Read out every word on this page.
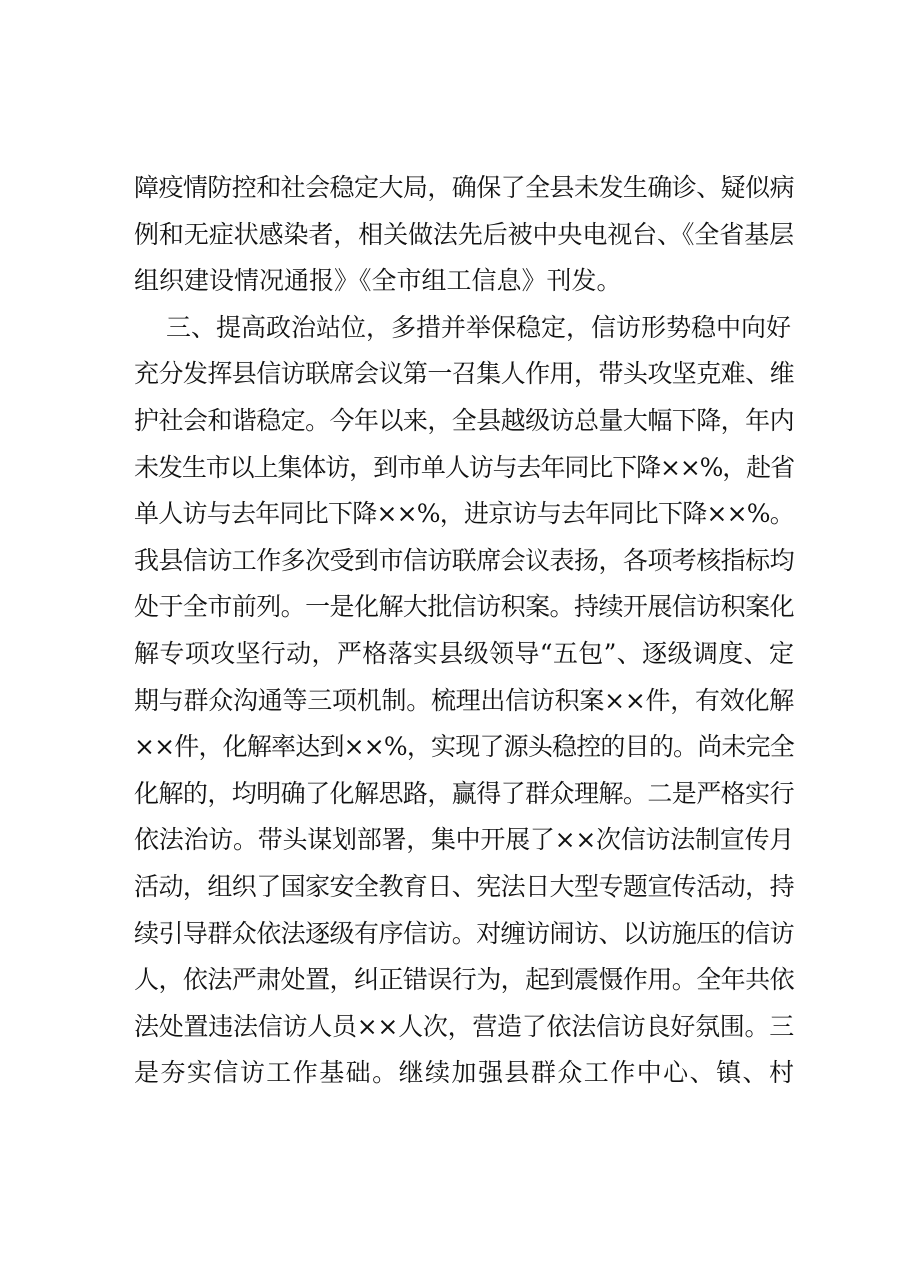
障疫情防控和社会稳定大局，确保了全县未发生确诊、疑似病
例和无症状感染者，相关做法先后被中央电视台、《全省基层
组织建设情况通报》《全市组工信息》刊发。
三、提高政治站位，多措并举保稳定，信访形势稳中向好
充分发挥县信访联席会议第一召集人作用，带头攻坚克难、维
护社会和谐稳定。今年以来，全县越级访总量大幅下降，年内
未发生市以上集体访，到市单人访与去年同比下降××%，赴省
单人访与去年同比下降××%，进京访与去年同比下降××%。
我县信访工作多次受到市信访联席会议表扬，各项考核指标均
处于全市前列。一是化解大批信访积案。持续开展信访积案化
解专项攻坚行动，严格落实县级领导“五包”、逐级调度、定
期与群众沟通等三项机制。梳理出信访积案××件，有效化解
××件，化解率达到××%，实现了源头稳控的目的。尚未完全
化解的，均明确了化解思路，赢得了群众理解。二是严格实行
依法治访。带头谋划部署，集中开展了××次信访法制宣传月
活动，组织了国家安全教育日、宪法日大型专题宣传活动，持
续引导群众依法逐级有序信访。对缠访闹访、以访施压的信访
人，依法严肃处置，纠正错误行为，起到震慑作用。全年共依
法处置违法信访人员××人次，营造了依法信访良好氛围。三
是夯实信访工作基础。继续加强县群众工作中心、镇、村
